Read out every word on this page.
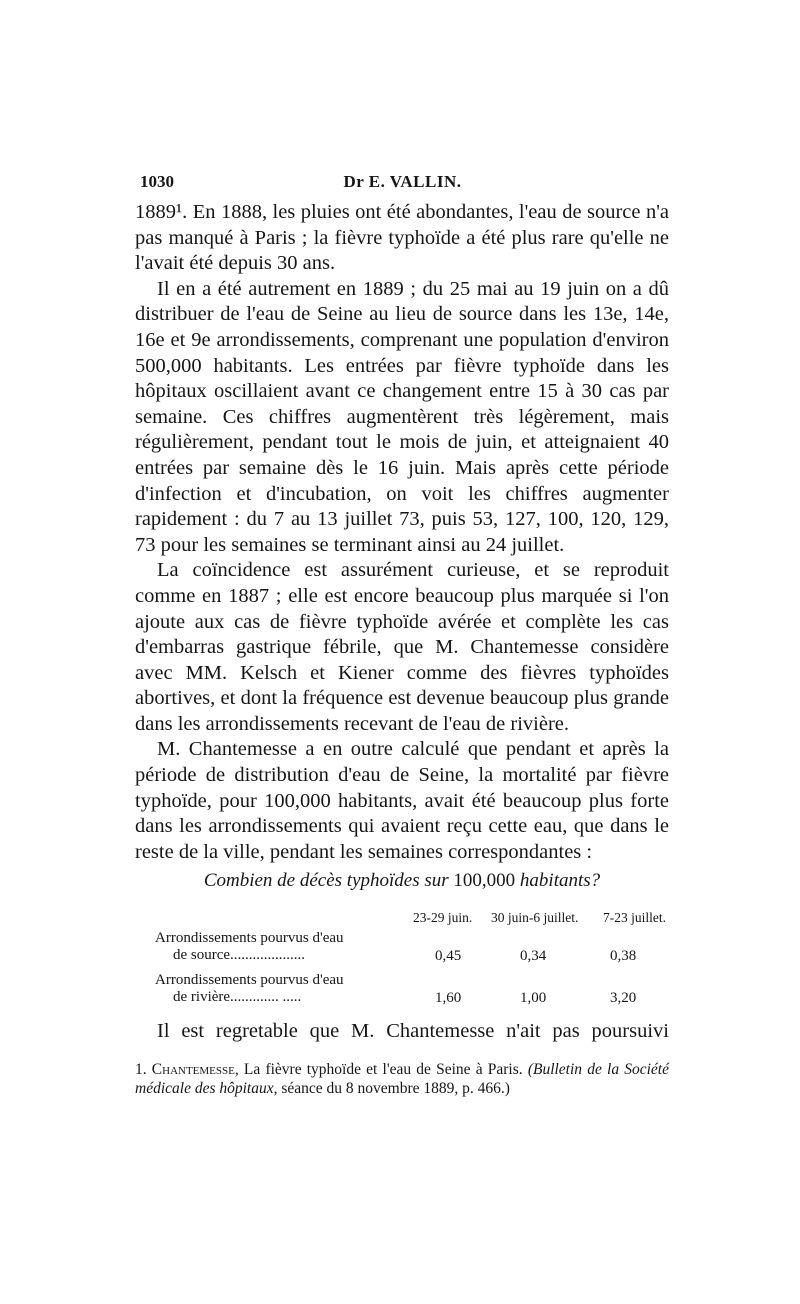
1030	Dr E. VALLIN.

1889¹. En 1888, les pluies ont été abondantes, l'eau de source n'a pas manqué à Paris ; la fièvre typhoïde a été plus rare qu'elle ne l'avait été depuis 30 ans.

Il en a été autrement en 1889 ; du 25 mai au 19 juin on a dû distribuer de l'eau de Seine au lieu de source dans les 13e, 14e, 16e et 9e arrondissements, comprenant une population d'environ 500,000 habitants. Les entrées par fièvre typhoïde dans les hôpitaux oscillaient avant ce changement entre 15 à 30 cas par semaine. Ces chiffres augmentèrent très légèrement, mais régulièrement, pendant tout le mois de juin, et atteignaient 40 entrées par semaine dès le 16 juin. Mais après cette période d'infection et d'incubation, on voit les chiffres augmenter rapidement : du 7 au 13 juillet 73, puis 53, 127, 100, 120, 129, 73 pour les semaines se terminant ainsi au 24 juillet.

La coïncidence est assurément curieuse, et se reproduit comme en 1887 ; elle est encore beaucoup plus marquée si l'on ajoute aux cas de fièvre typhoïde avérée et complète les cas d'embarras gastrique fébrile, que M. Chantemesse considère avec MM. Kelsch et Kiener comme des fièvres typhoïdes abortives, et dont la fréquence est devenue beaucoup plus grande dans les arrondissements recevant de l'eau de rivière.

M. Chantemesse a en outre calculé que pendant et après la période de distribution d'eau de Seine, la mortalité par fièvre typhoïde, pour 100,000 habitants, avait été beaucoup plus forte dans les arrondissements qui avaient reçu cette eau, que dans le reste de la ville, pendant les semaines correspondantes :

Combien de décès typhoïdes sur 100,000 habitants?
23-29 juin. 30 juin-6 juillet. 7-23 juillet.
Arrondissements pourvus d'eau
de source....................	0,45	0,34	0,38
Arrondissements pourvus d'eau
de rivière............. .....	1,60	1,00	3,20
Il est regretable que M. Chantemesse n'ait pas poursuivi
1. Chantemesse, La fièvre typhoïde et l'eau de Seine à Paris. (Bulletin de la Société médicale des hôpitaux, séance du 8 novembre 1889, p. 466.)
